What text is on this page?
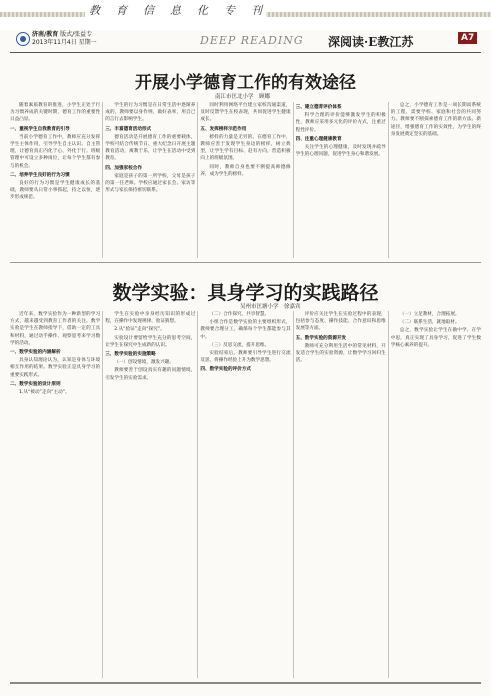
教 育 信 息 化 专 刊
济南/教育 版式/张益专
2013年11月4日 星期一	DEEP READING 深阅读·E教江苏	A7
开展小学德育工作的有效途径
南江市匡北小学　顾娜

随着素质教育的推进，小学生正处于行为习惯养成的关键时期，德育工作的重要性日益凸显。

一、重视学生自我教育的引导

当前小学德育工作中，教师应充分发挥学生主体作用，引导学生自主认识、自主管理，让德育真正内化于心、外化于行。班级管理中可设立多种岗位，让每个学生都有参与的机会。

二、培养学生良好的行为习惯

良好的行为习惯是学生健康成长的基础，教师要从日常小事抓起，持之以恒，逐步形成规范。

学生的行为习惯是在日常生活中逐渐养成的，教师要以身作则，做好表率，用自己的言行去影响学生。

三、丰富德育活动形式

德育活动是开展德育工作的重要载体，学校可结合传统节日、重大纪念日开展主题教育活动，寓教于乐，让学生在活动中受到教育。

四、加强家校合作

家庭是孩子的第一所学校，父母是孩子的第一任老师。学校应通过家长会、家访等形式与家长保持密切联系。

同时利用网络平台建立家校沟通渠道，及时反馈学生在校表现，共同促进学生健康成长。

五、发挥榜样示范作用

榜样的力量是无穷的。在德育工作中，教师应善于发现学生身边的榜样，树立典型，让学生学有目标、赶有方向，营造积极向上的班级氛围。

同时，教师自身也要不断提高师德修养，成为学生的榜样。

三、建立德育评价体系

科学合理的评价能够激发学生的积极性，教师应采用多元化的评价方式，注重过程性评价。

四、注重心理健康教育

关注学生的心理健康，及时发现并疏导学生的心理问题，促进学生身心和谐发展。

总之，小学德育工作是一项长期而系统的工程，需要学校、家庭和社会的共同努力。教师要不断探索德育工作的新方法、新途径，增强德育工作的实效性，为学生的终身发展奠定坚实的基础。

数学实验：具身学习的实践路径
吴州市匡塘小学　徐嘉宾

近年来，数学实验作为一种新型的学习方式，越来越受到教育工作者的关注。数学实验是学生在教师指导下，借助一定的工具和材料，通过动手操作、观察思考来学习数学的活动。

一、数学实验的内涵解析

具身认知理论认为，认知是身体与环境相互作用的结果。数学实验正是具身学习的重要实践形式。

二、数学实验的设计原则

1.从“被动”走向“主动”。

学生在实验中亲身经历知识的形成过程，在操作中发现规律、验证猜想。

2.从“验证”走向“探究”。

实验设计要留给学生充分的思考空间，让学生在探究中生成新的认识。

三、数学实验的实施策略

（一）创设情境，激发兴趣。

教师要善于创设真实有趣的问题情境，引发学生的实验需求。

（二）合作探究，共享智慧。

小组合作是数学实验的主要组织形式，教师要合理分工，确保每个学生都能参与其中。

（三）反思交流，提升思维。

实验结束后，教师要引导学生进行交流反思，将操作经验上升为数学思想。

四、数学实验的评价方式

评价应关注学生在实验过程中的表现，包括参与态度、操作技能、合作意识和思维发展等方面。

五、数学实验的资源开发

教师可充分利用生活中的常见材料，开发适合学生的实验资源，让数学学习回归生活。

（一）立足教材，合理拓展。

（二）联系生活，就地取材。

总之，数学实验让学生在做中学、在学中思，真正实现了具身学习，促进了学生数学核心素养的提升。
